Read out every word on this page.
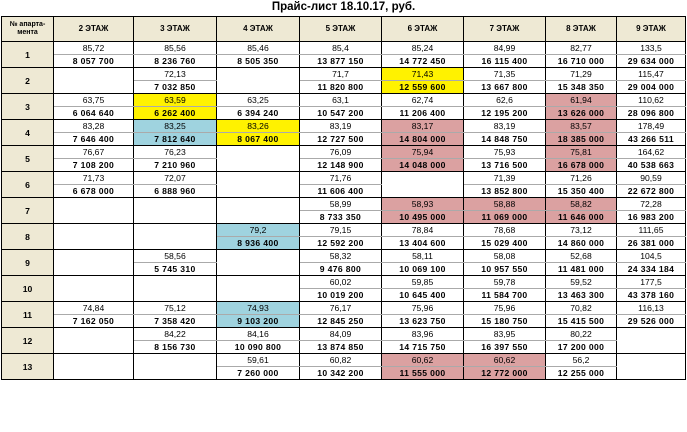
Прайс-лист 18.10.17, руб.
№ апарта-
мента	2 ЭТАЖ	3 ЭТАЖ	4 ЭТАЖ	5 ЭТАЖ	6 ЭТАЖ	7 ЭТАЖ	8 ЭТАЖ	9 ЭТАЖ
1	85,72	85,56	85,46	85,4	85,24	84,99	82,77	133,5
	8 057 700	8 236 760	8 505 350	13 877 150	14 772 450	16 115 400	16 710 000	29 634 000
2		72,13		71,7	71,43	71,35	71,29	115,47
		7 032 850		11 820 800	12 559 600	13 667 800	15 348 350	29 004 000
3	63,75	63,59	63,25	63,1	62,74	62,6	61,94	110,62
	6 064 640	6 262 400	6 394 240	10 547 200	11 206 400	12 195 200	13 626 000	28 096 800
4	83,28	83,25	83,26	83,19	83,17	83,19	83,57	178,49
	7 646 400	7 812 640	8 067 400	12 727 500	14 804 000	14 848 750	18 385 000	43 266 511
5	76,67	76,23		76,09	75,94	75,93	75,81	164,62
	7 108 200	7 210 960		12 148 900	14 048 000	13 716 500	16 678 000	40 538 663
6	71,73	72,07		71,76		71,39	71,26	90,59
	6 678 000	6 888 960		11 606 400		13 852 800	15 350 400	22 672 800
7				58,99	58,93	58,88	58,82	72,28
				8 733 350	10 495 000	11 069 000	11 646 000	16 983 200
8			79,2	79,15	78,84	78,68	73,12	111,65
			8 936 400	12 592 200	13 404 600	15 029 400	14 860 000	26 381 000
9		58,56		58,32	58,11	58,08	52,68	104,5
		5 745 310		9 476 800	10 069 100	10 957 550	11 481 000	24 334 184
10				60,02	59,85	59,78	59,52	177,5
				10 019 200	10 645 400	11 584 700	13 463 300	43 378 160
11	74,84	75,12	74,93	76,17	75,96	75,96	70,82	116,13
	7 162 050	7 358 420	9 103 200	12 845 250	13 623 750	15 180 750	15 415 500	29 526 000
12		84,22	84,16	84,09	83,96	83,95	80,22	
		8 156 730	10 090 800	13 874 850	14 715 750	16 397 550	17 200 000	
13			59,61	60,82	60,62	60,62	56,2	
			7 260 000	10 342 200	11 555 000	12 772 000	12 255 000	
